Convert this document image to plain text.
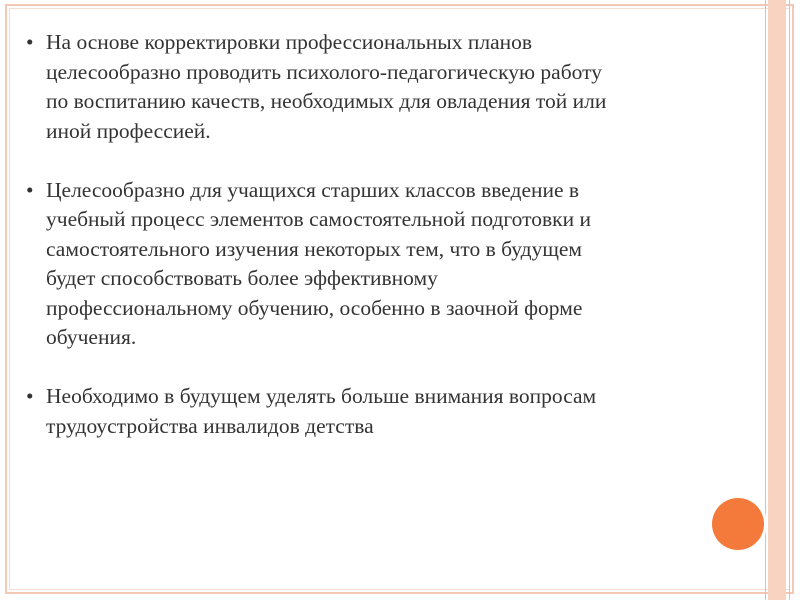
• На основе корректировки профессиональных планов
целесообразно проводить психолого-педагогическую работу
по воспитанию качеств, необходимых для овладения той или
иной профессией.
• Целесообразно для учащихся старших классов введение в
учебный процесс элементов самостоятельной подготовки и
самостоятельного изучения некоторых тем, что в будущем
будет способствовать более эффективному
профессиональному обучению, особенно в заочной форме
обучения.
• Необходимо в будущем уделять больше внимания вопросам
трудоустройства инвалидов детства
